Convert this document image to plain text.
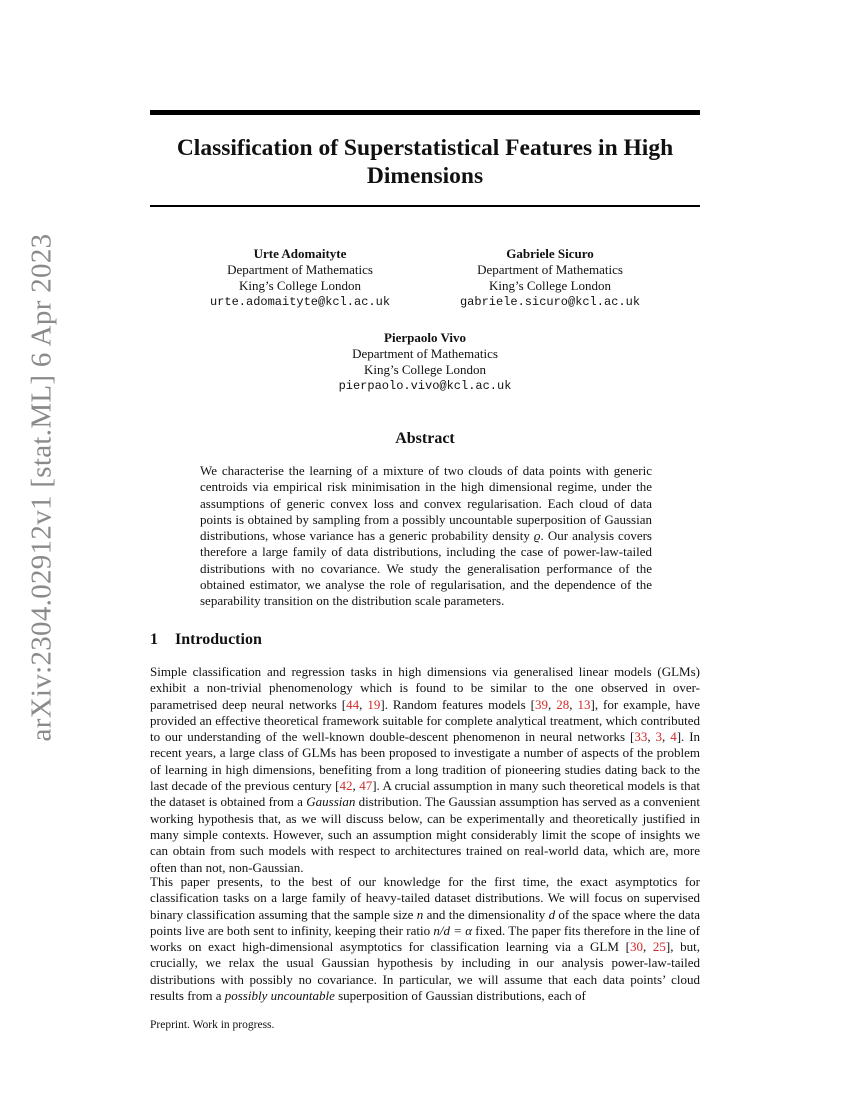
arXiv:2304.02912v1 [stat.ML] 6 Apr 2023
Classification of Superstatistical Features in High Dimensions
Urte Adomaityte
Department of Mathematics
King’s College London
urte.adomaityte@kcl.ac.uk
Gabriele Sicuro
Department of Mathematics
King’s College London
gabriele.sicuro@kcl.ac.uk
Pierpaolo Vivo
Department of Mathematics
King’s College London
pierpaolo.vivo@kcl.ac.uk
Abstract
We characterise the learning of a mixture of two clouds of data points with generic centroids via empirical risk minimisation in the high dimensional regime, under the assumptions of generic convex loss and convex regularisation. Each cloud of data points is obtained by sampling from a possibly uncountable superposition of Gaussian distributions, whose variance has a generic probability density ϱ. Our analysis covers therefore a large family of data distributions, including the case of power-law-tailed distributions with no covariance. We study the generalisation performance of the obtained estimator, we analyse the role of regularisation, and the dependence of the separability transition on the distribution scale parameters.
1 Introduction
Simple classification and regression tasks in high dimensions via generalised linear models (GLMs) exhibit a non-trivial phenomenology which is found to be similar to the one observed in over-parametrised deep neural networks [44, 19]. Random features models [39, 28, 13], for example, have provided an effective theoretical framework suitable for complete analytical treatment, which contributed to our understanding of the well-known double-descent phenomenon in neural networks [33, 3, 4]. In recent years, a large class of GLMs has been proposed to investigate a number of aspects of the problem of learning in high dimensions, benefiting from a long tradition of pioneering studies dating back to the last decade of the previous century [42, 47]. A crucial assumption in many such theoretical models is that the dataset is obtained from a Gaussian distribution. The Gaussian assumption has served as a convenient working hypothesis that, as we will discuss below, can be experimentally and theoretically justified in many simple contexts. However, such an assumption might considerably limit the scope of insights we can obtain from such models with respect to architectures trained on real-world data, which are, more often than not, non-Gaussian.
This paper presents, to the best of our knowledge for the first time, the exact asymptotics for classification tasks on a large family of heavy-tailed dataset distributions. We will focus on supervised binary classification assuming that the sample size n and the dimensionality d of the space where the data points live are both sent to infinity, keeping their ratio n/d = α fixed. The paper fits therefore in the line of works on exact high-dimensional asymptotics for classification learning via a GLM [30, 25], but, crucially, we relax the usual Gaussian hypothesis by including in our analysis power-law-tailed distributions with possibly no covariance. In particular, we will assume that each data points’ cloud results from a possibly uncountable superposition of Gaussian distributions, each of
Preprint. Work in progress.
